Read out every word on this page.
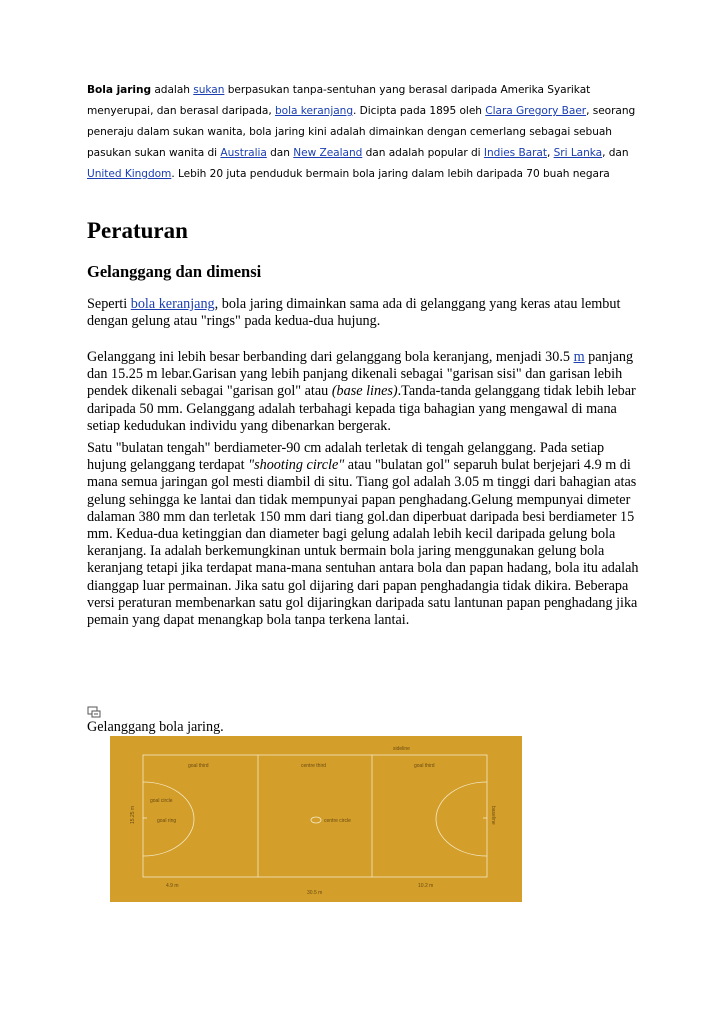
Bola jaring adalah sukan berpasukan tanpa-sentuhan yang berasal daripada Amerika Syarikat menyerupai, dan berasal daripada, bola keranjang. Dicipta pada 1895 oleh Clara Gregory Baer, seorang peneraju dalam sukan wanita, bola jaring kini adalah dimainkan dengan cemerlang sebagai sebuah pasukan sukan wanita di Australia dan New Zealand dan adalah popular di Indies Barat, Sri Lanka, dan United Kingdom. Lebih 20 juta penduduk bermain bola jaring dalam lebih daripada 70 buah negara

Peraturan
Gelanggang dan dimensi

Seperti bola keranjang, bola jaring dimainkan sama ada di gelanggang yang keras atau lembut dengan gelung atau "rings" pada kedua-dua hujung.

Gelanggang ini lebih besar berbanding dari gelanggang bola keranjang, menjadi 30.5 m panjang dan 15.25 m lebar.Garisan yang lebih panjang dikenali sebagai "garisan sisi" dan garisan lebih pendek dikenali sebagai "garisan gol" atau (base lines).Tanda-tanda gelanggang tidak lebih lebar daripada 50 mm. Gelanggang adalah terbahagi kepada tiga bahagian yang mengawal di mana setiap kedudukan individu yang dibenarkan bergerak.

Satu "bulatan tengah" berdiameter-90 cm adalah terletak di tengah gelanggang. Pada setiap hujung gelanggang terdapat "shooting circle" atau "bulatan gol" separuh bulat berjejari 4.9 m di mana semua jaringan gol mesti diambil di situ. Tiang gol adalah 3.05 m tinggi dari bahagian atas gelung sehingga ke lantai dan tidak mempunyai papan penghadang.Gelung mempunyai dimeter dalaman 380 mm dan terletak 150 mm dari tiang gol.dan diperbuat daripada besi berdiameter 15 mm. Kedua-dua ketinggian dan diameter bagi gelung adalah lebih kecil daripada gelung bola keranjang. Ia adalah berkemungkinan untuk bermain bola jaring menggunakan gelung bola keranjang tetapi jika terdapat mana-mana sentuhan antara bola dan papan hadang, bola itu adalah dianggap luar permainan. Jika satu gol dijaring dari papan penghadangia tidak dikira. Beberapa versi peraturan membenarkan satu gol dijaringkan daripada satu lantunan papan penghadang jika pemain yang dapat menangkap bola tanpa terkena lantai.

Gelanggang bola jaring.
sideline
goal third	centre third	goal third
goal circle
goal ring	centre circle
15.25 m	baseline
4.9 m
30.5 m
10.2 m
